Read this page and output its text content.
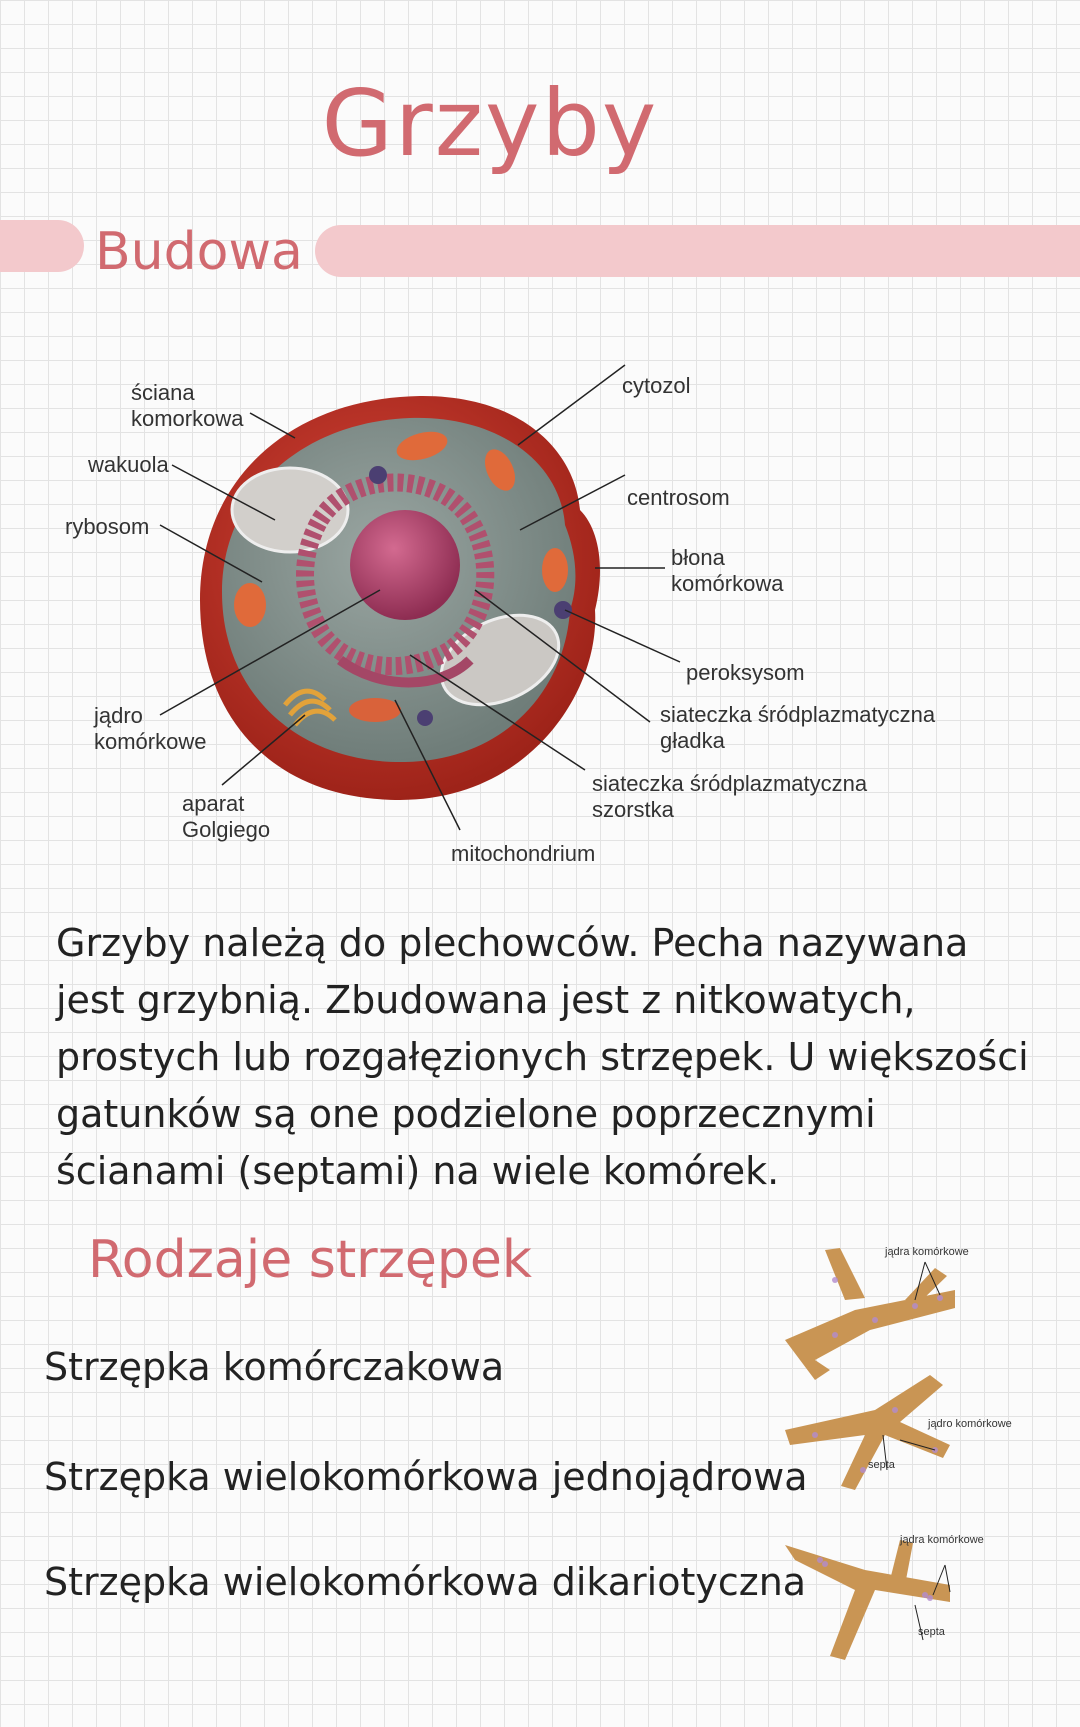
Grzyby
Budowa
ściana
komorkowa
wakuola
rybosom
jądro
komórkowe
aparat
Golgiego
mitochondrium
cytozol
centrosom
błona
komórkowa
peroksysom
siateczka śródplazmatyczna
gładka
siateczka śródplazmatyczna
szorstka
Grzyby należą do plechowców. Pecha nazywana jest grzybnią. Zbudowana jest z nitkowatych, prostych lub rozgałęzionych strzępek. U większości gatunków są one podzielone poprzecznymi ścianami (septami) na wiele komórek.
Rodzaje strzępek
Strzępka komórczakowa
Strzępka wielokomórkowa jednojądrowa
Strzępka wielokomórkowa dikariotyczna
jądra komórkowe
jądro komórkowe
septa
jądra komórkowe
septa
